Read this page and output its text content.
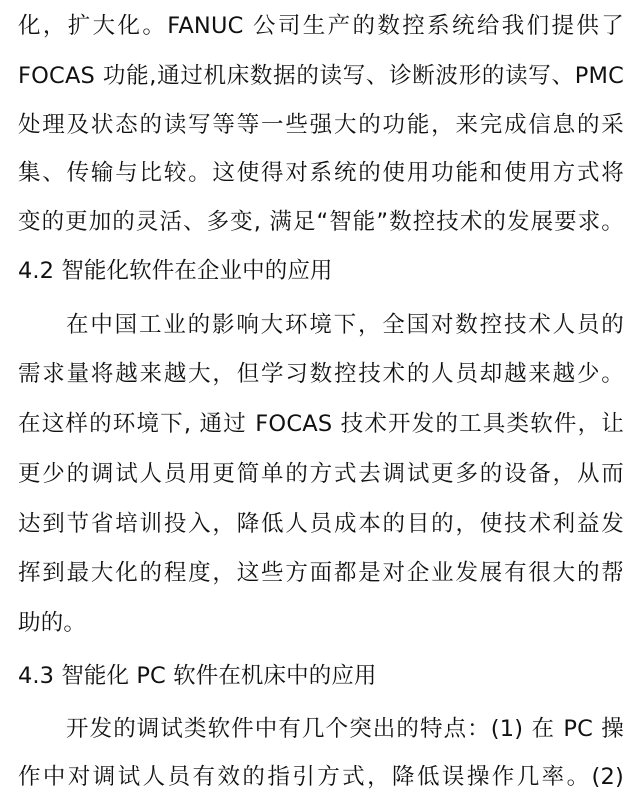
化，扩大化。FANUC 公司生产的数控系统给我们提供了
FOCAS 功能,通过机床数据的读写、诊断波形的读写、PMC
处理及状态的读写等等一些强大的功能，来完成信息的采
集、传输与比较。这使得对系统的使用功能和使用方式将
变的更加的灵活、多变, 满足“智能”数控技术的发展要求。
4.2 智能化软件在企业中的应用
在中国工业的影响大环境下，全国对数控技术人员的
需求量将越来越大，但学习数控技术的人员却越来越少。
在这样的环境下, 通过 FOCAS 技术开发的工具类软件，让
更少的调试人员用更简单的方式去调试更多的设备，从而
达到节省培训投入，降低人员成本的目的，使技术利益发
挥到最大化的程度，这些方面都是对企业发展有很大的帮
助的。
4.3 智能化 PC 软件在机床中的应用
开发的调试类软件中有几个突出的特点：(1) 在 PC 操
作中对调试人员有效的指引方式，降低误操作几率。(2)
